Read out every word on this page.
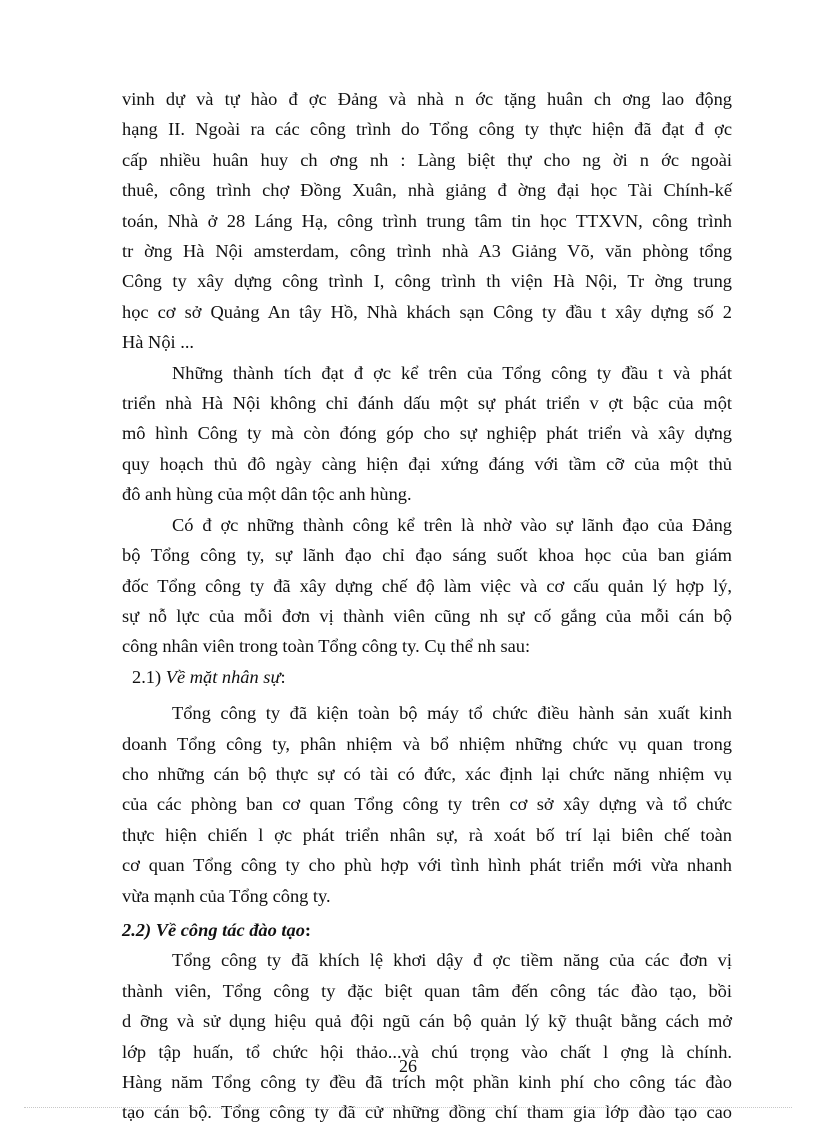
vinh dự và tự hào đ ợc Đảng và nhà n ớc tặng huân ch ơng lao động
hạng II. Ngoài ra các công trình do Tổng công ty thực hiện đã đạt đ ợc
cấp nhiều huân huy ch ơng nh : Làng biệt thự cho ng ời n ớc ngoài
thuê, công trình chợ Đồng Xuân, nhà giảng đ ờng đại học Tài Chính-kế
toán, Nhà ở 28 Láng Hạ, công trình trung tâm tin học TTXVN, công trình
tr ờng Hà Nội amsterdam, công trình nhà A3 Giảng Võ, văn phòng tổng
Công ty xây dựng công trình I, công trình th viện Hà Nội, Tr ờng trung
học cơ sở Quảng An tây Hồ, Nhà khách sạn Công ty đầu t xây dựng số 2
Hà Nội ...
Những thành tích đạt đ ợc kể trên của Tổng công ty đầu t và phát
triển nhà Hà Nội không chỉ đánh dấu một sự phát triển v ợt bậc của một
mô hình Công ty mà còn đóng góp cho sự nghiệp phát triển và xây dựng
quy hoạch thủ đô ngày càng hiện đại xứng đáng với tầm cỡ của một thủ
đô anh hùng của một dân tộc anh hùng.
Có đ ợc những thành công kể trên là nhờ vào sự lãnh đạo của Đảng
bộ Tổng công ty, sự lãnh đạo chỉ đạo sáng suốt khoa học của ban giám
đốc Tổng công ty đã xây dựng chế độ làm việc và cơ cấu quản lý hợp lý,
sự nỗ lực của mỗi đơn vị thành viên cũng nh sự cố gắng của mỗi cán bộ
công nhân viên trong toàn Tổng công ty. Cụ thể nh sau:
2.1) Về mặt nhân sự:
Tổng công ty đã kiện toàn bộ máy tổ chức điều hành sản xuất kinh
doanh Tổng công ty, phân nhiệm và bổ nhiệm những chức vụ quan trong
cho những cán bộ thực sự có tài có đức, xác định lại chức năng nhiệm vụ
của các phòng ban cơ quan Tổng công ty trên cơ sở xây dựng và tổ chức
thực hiện chiến l ợc phát triển nhân sự, rà xoát bố trí lại biên chế toàn
cơ quan Tổng công ty cho phù hợp với tình hình phát triển mới vừa nhanh
vừa mạnh của Tổng công ty.
2.2) Về công tác đào tạo:
Tổng công ty đã khích lệ khơi dậy đ ợc tiềm năng của các đơn vị
thành viên, Tổng công ty đặc biệt quan tâm đến công tác đào tạo, bồi
d ỡng và sử dụng hiệu quả đội ngũ cán bộ quản lý kỹ thuật bằng cách mở
lớp tập huấn, tổ chức hội thảo...và chú trọng vào chất l ợng là chính.
Hàng năm Tổng công ty đều đã trích một phần kinh phí cho công tác đào
tạo cán bộ. Tổng công ty đã cử những đồng chí tham gia lớp đào tạo cao
26
